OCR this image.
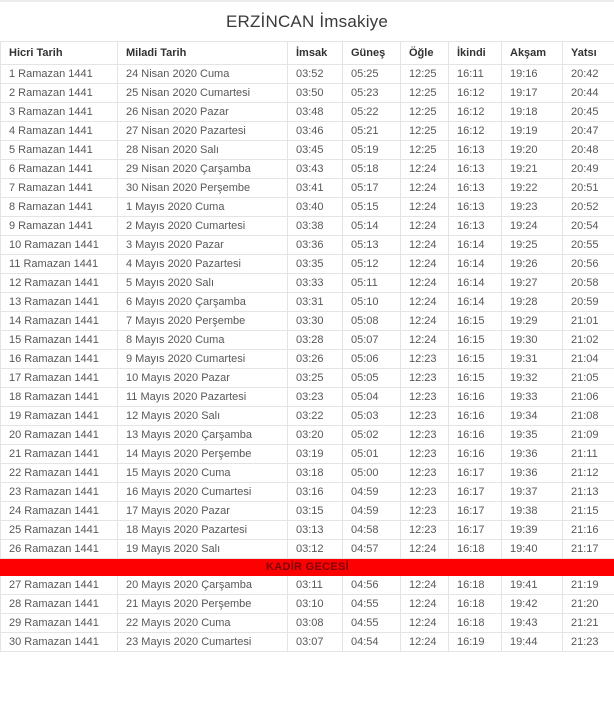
ERZİNCAN İmsakiye
Hicri Tarih	Miladi Tarih	İmsak	Güneş	Öğle	İkindi	Akşam	Yatsı
1 Ramazan 1441	24 Nisan 2020 Cuma	03:52	05:25	12:25	16:11	19:16	20:42
2 Ramazan 1441	25 Nisan 2020 Cumartesi	03:50	05:23	12:25	16:12	19:17	20:44
3 Ramazan 1441	26 Nisan 2020 Pazar	03:48	05:22	12:25	16:12	19:18	20:45
4 Ramazan 1441	27 Nisan 2020 Pazartesi	03:46	05:21	12:25	16:12	19:19	20:47
5 Ramazan 1441	28 Nisan 2020 Salı	03:45	05:19	12:25	16:13	19:20	20:48
6 Ramazan 1441	29 Nisan 2020 Çarşamba	03:43	05:18	12:24	16:13	19:21	20:49
7 Ramazan 1441	30 Nisan 2020 Perşembe	03:41	05:17	12:24	16:13	19:22	20:51
8 Ramazan 1441	1 Mayıs 2020 Cuma	03:40	05:15	12:24	16:13	19:23	20:52
9 Ramazan 1441	2 Mayıs 2020 Cumartesi	03:38	05:14	12:24	16:13	19:24	20:54
10 Ramazan 1441	3 Mayıs 2020 Pazar	03:36	05:13	12:24	16:14	19:25	20:55
11 Ramazan 1441	4 Mayıs 2020 Pazartesi	03:35	05:12	12:24	16:14	19:26	20:56
12 Ramazan 1441	5 Mayıs 2020 Salı	03:33	05:11	12:24	16:14	19:27	20:58
13 Ramazan 1441	6 Mayıs 2020 Çarşamba	03:31	05:10	12:24	16:14	19:28	20:59
14 Ramazan 1441	7 Mayıs 2020 Perşembe	03:30	05:08	12:24	16:15	19:29	21:01
15 Ramazan 1441	8 Mayıs 2020 Cuma	03:28	05:07	12:24	16:15	19:30	21:02
16 Ramazan 1441	9 Mayıs 2020 Cumartesi	03:26	05:06	12:23	16:15	19:31	21:04
17 Ramazan 1441	10 Mayıs 2020 Pazar	03:25	05:05	12:23	16:15	19:32	21:05
18 Ramazan 1441	11 Mayıs 2020 Pazartesi	03:23	05:04	12:23	16:16	19:33	21:06
19 Ramazan 1441	12 Mayıs 2020 Salı	03:22	05:03	12:23	16:16	19:34	21:08
20 Ramazan 1441	13 Mayıs 2020 Çarşamba	03:20	05:02	12:23	16:16	19:35	21:09
21 Ramazan 1441	14 Mayıs 2020 Perşembe	03:19	05:01	12:23	16:16	19:36	21:11
22 Ramazan 1441	15 Mayıs 2020 Cuma	03:18	05:00	12:23	16:17	19:36	21:12
23 Ramazan 1441	16 Mayıs 2020 Cumartesi	03:16	04:59	12:23	16:17	19:37	21:13
24 Ramazan 1441	17 Mayıs 2020 Pazar	03:15	04:59	12:23	16:17	19:38	21:15
25 Ramazan 1441	18 Mayıs 2020 Pazartesi	03:13	04:58	12:23	16:17	19:39	21:16
26 Ramazan 1441	19 Mayıs 2020 Salı	03:12	04:57	12:24	16:18	19:40	21:17
KADİR GECESİ							
27 Ramazan 1441	20 Mayıs 2020 Çarşamba	03:11	04:56	12:24	16:18	19:41	21:19
28 Ramazan 1441	21 Mayıs 2020 Perşembe	03:10	04:55	12:24	16:18	19:42	21:20
29 Ramazan 1441	22 Mayıs 2020 Cuma	03:08	04:55	12:24	16:18	19:43	21:21
30 Ramazan 1441	23 Mayıs 2020 Cumartesi	03:07	04:54	12:24	16:19	19:44	21:23
